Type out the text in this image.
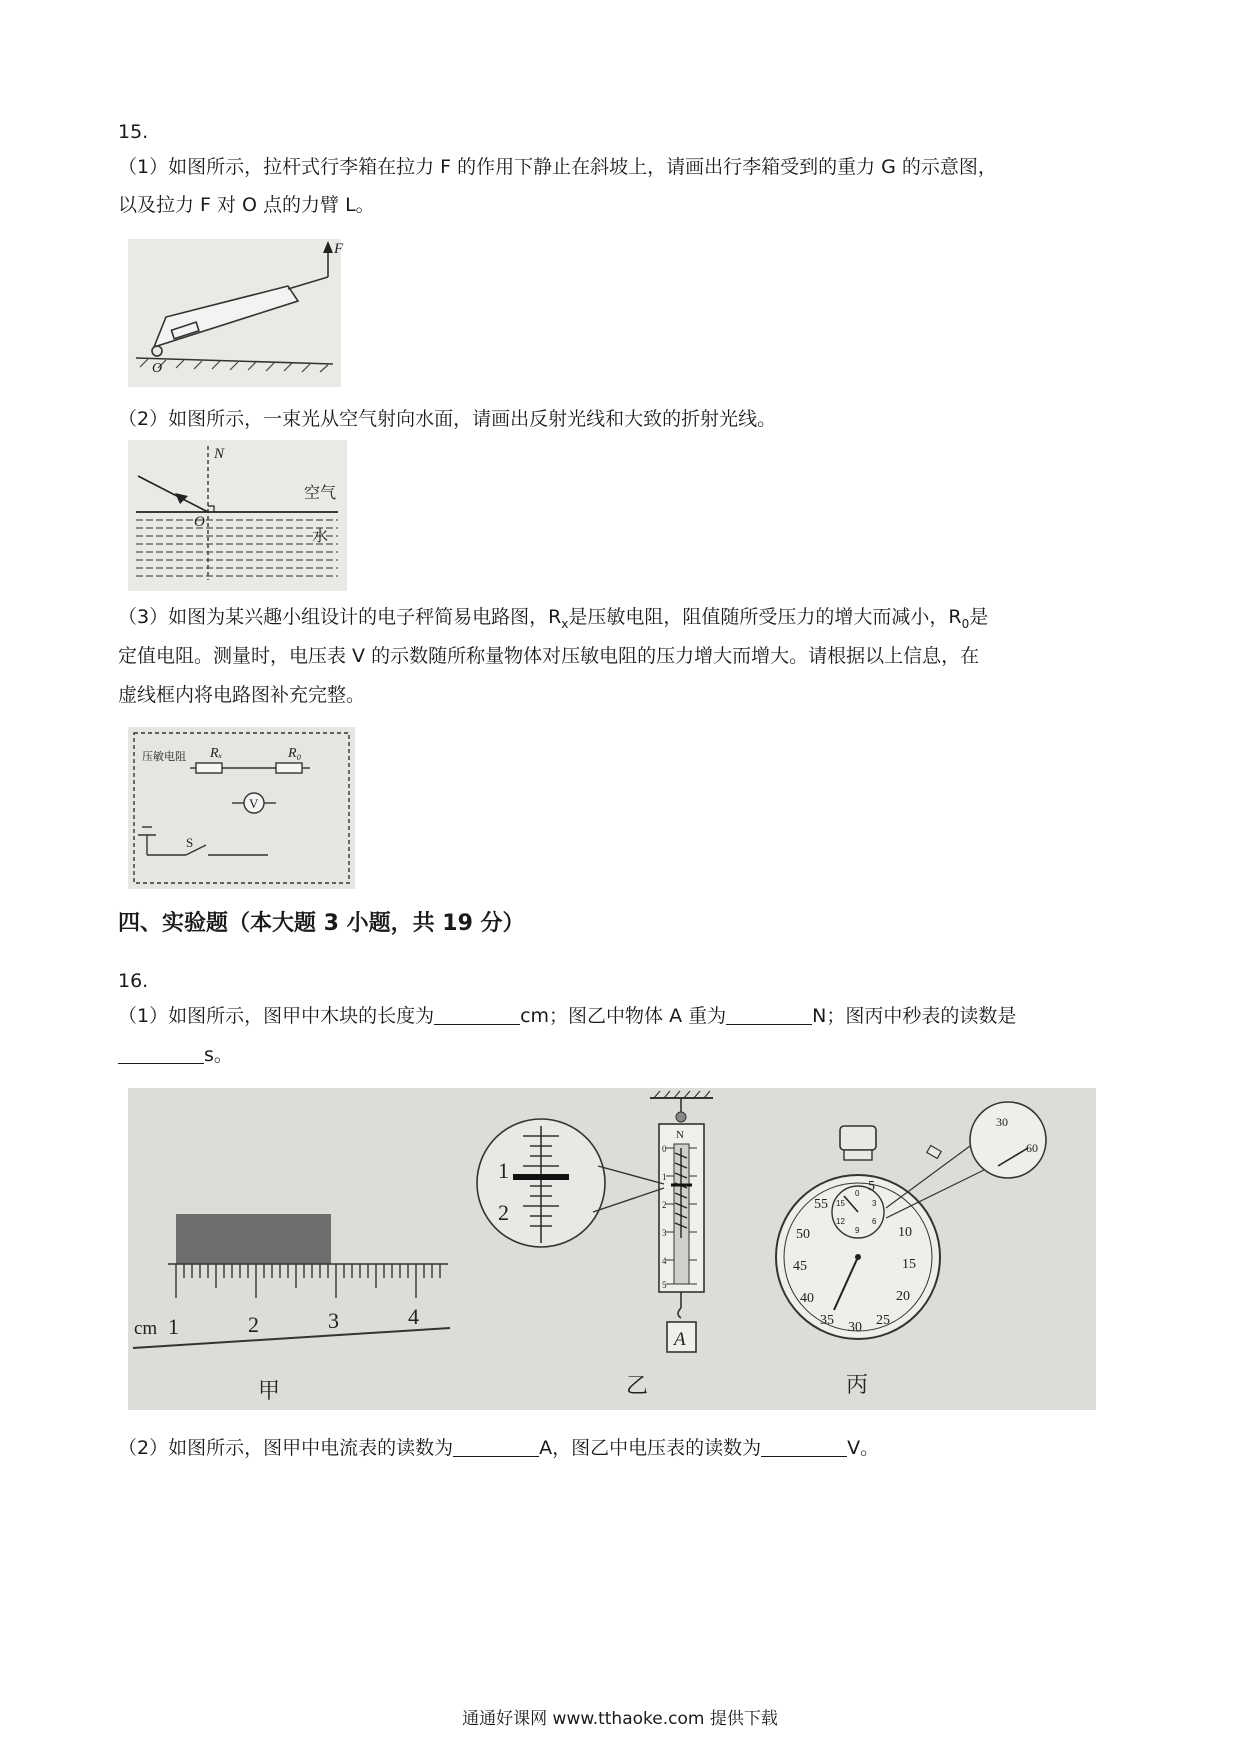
15.
（1）如图所示，拉杆式行李箱在拉力 F 的作用下静止在斜坡上，请画出行李箱受到的重力 G 的示意图，
以及拉力 F 对 O 点的力臂 L。
F
O
（2）如图所示，一束光从空气射向水面，请画出反射光线和大致的折射光线。
N
O
空气
水
（3）如图为某兴趣小组设计的电子秤简易电路图，$R_x$是压敏电阻，阻值随所受压力的增大而减小，$R_0$是
定值电阻。测量时，电压表 V 的示数随所称量物体对压敏电阻的压力增大而增大。请根据以上信息，在
虚线框内将电路图补充完整。
压敏电阻 Rₓ	R₀
V
S
四、实验题（本大题 3 小题，共 19 分）
16.
（1）如图所示，图甲中木块的长度为	cm；图乙中物体 A 重为	N；图丙中秒表的读数是
s。
cm 1	2	3	4
甲
N
0
1
2
3
4
5
A
乙
1
2
5
10
15
20
25
30
35
40
45
50
55
0
3
6
9
12
15
30
60
丙
（2）如图所示，图甲中电流表的读数为	A，图乙中电压表的读数为	V。
通通好课网 www.tthaoke.com 提供下载
